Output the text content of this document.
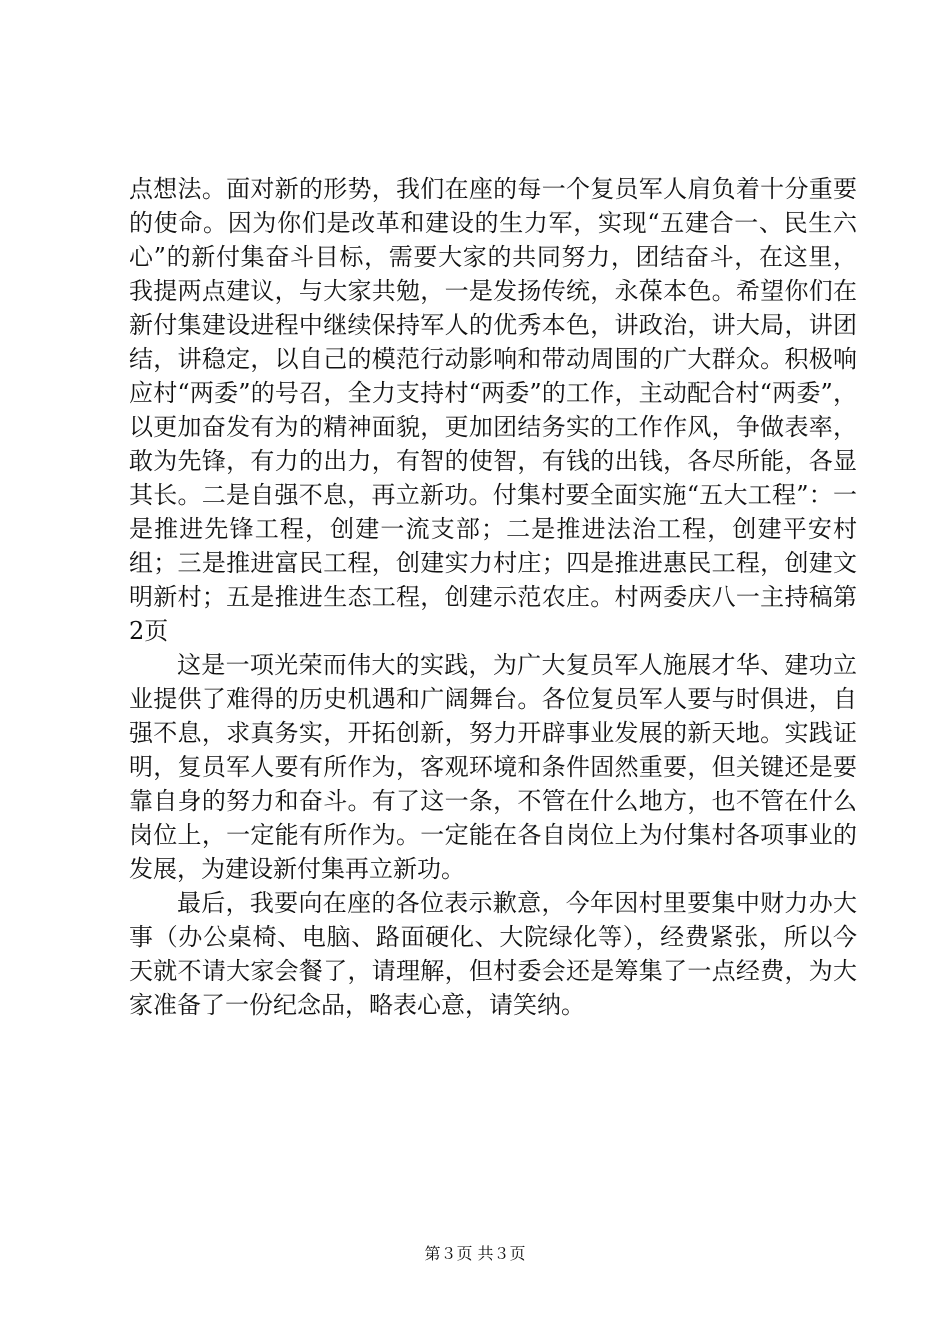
点想法。面对新的形势，我们在座的每一个复员军人肩负着十分重要的使命。因为你们是改革和建设的生力军，实现“五建合一、民生六心”的新付集奋斗目标，需要大家的共同努力，团结奋斗，在这里，我提两点建议，与大家共勉，一是发扬传统，永葆本色。希望你们在新付集建设进程中继续保持军人的优秀本色，讲政治，讲大局，讲团结，讲稳定，以自己的模范行动影响和带动周围的广大群众。积极响应村“两委”的号召，全力支持村“两委”的工作，主动配合村“两委”，以更加奋发有为的精神面貌，更加团结务实的工作作风，争做表率，敢为先锋，有力的出力，有智的使智，有钱的出钱，各尽所能，各显其长。二是自强不息，再立新功。付集村要全面实施“五大工程”：一是推进先锋工程，创建一流支部；二是推进法治工程，创建平安村组；三是推进富民工程，创建实力村庄；四是推进惠民工程，创建文明新村；五是推进生态工程，创建示范农庄。村两委庆八一主持稿第2页

这是一项光荣而伟大的实践，为广大复员军人施展才华、建功立业提供了难得的历史机遇和广阔舞台。各位复员军人要与时俱进，自强不息，求真务实，开拓创新，努力开辟事业发展的新天地。实践证明，复员军人要有所作为，客观环境和条件固然重要，但关键还是要靠自身的努力和奋斗。有了这一条，不管在什么地方，也不管在什么岗位上，一定能有所作为。一定能在各自岗位上为付集村各项事业的发展，为建设新付集再立新功。

最后，我要向在座的各位表示歉意，今年因村里要集中财力办大事（办公桌椅、电脑、路面硬化、大院绿化等），经费紧张，所以今天就不请大家会餐了，请理解，但村委会还是筹集了一点经费，为大家准备了一份纪念品，略表心意，请笑纳。

第３页 共３页
